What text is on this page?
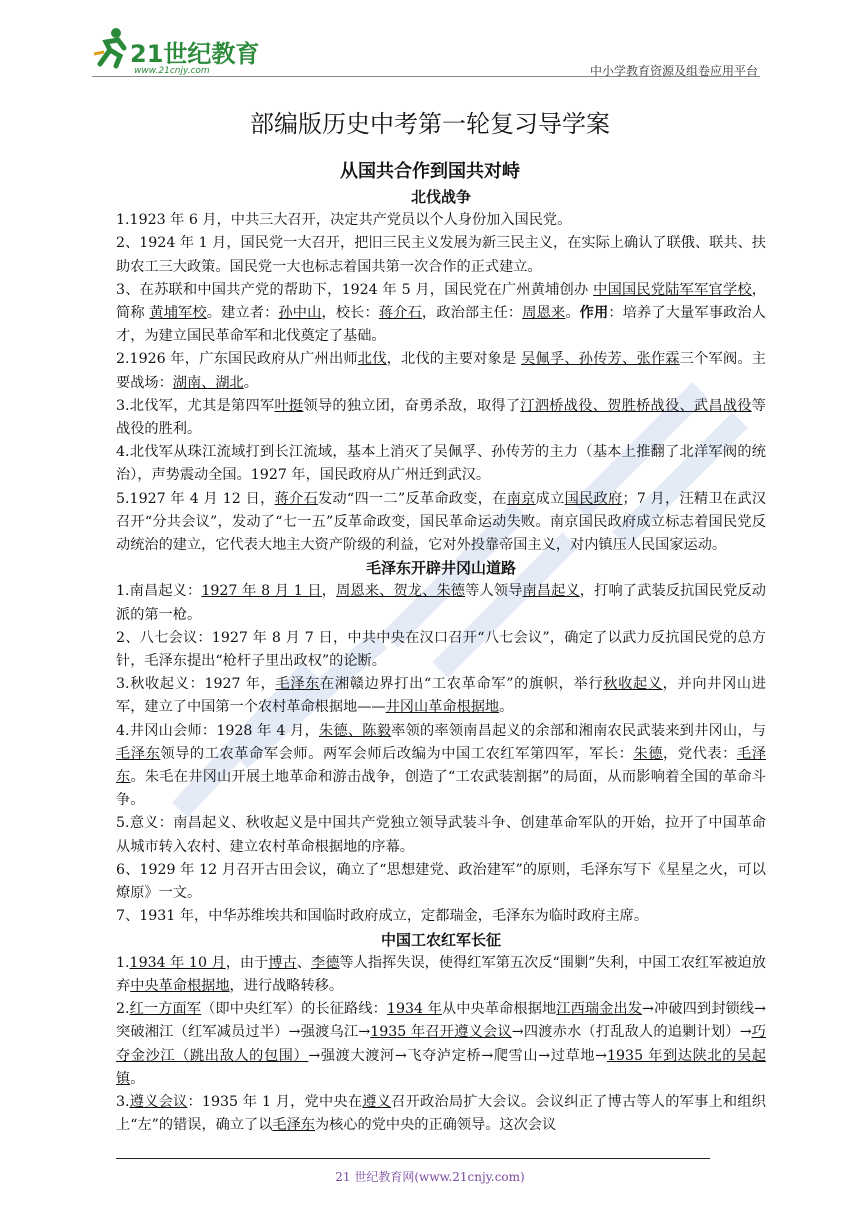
21世纪教育
www.21cnjy.com	中小学教育资源及组卷应用平台
部编版历史中考第一轮复习导学案
从国共合作到国共对峙
北伐战争

1.1923 年 6 月，中共三大召开，决定共产党员以个人身份加入国民党。

2、1924 年 1 月，国民党一大召开，把旧三民主义发展为新三民主义，在实际上确认了联俄、联共、扶助农工三大政策。国民党一大也标志着国共第一次合作的正式建立。

3、在苏联和中国共产党的帮助下，1924 年 5 月，国民党在广州黄埔创办 中国国民党陆军军官学校，简称 黄埔军校。建立者：孙中山，校长：蒋介石，政治部主任：周恩来。作用：培养了大量军事政治人才，为建立国民革命军和北伐奠定了基础。

2.1926 年，广东国民政府从广州出师北伐，北伐的主要对象是 吴佩孚、孙传芳、张作霖三个军阀。主要战场：湖南、湖北。

3.北伐军，尤其是第四军叶挺领导的独立团，奋勇杀敌，取得了汀泗桥战役、贺胜桥战役、武昌战役等战役的胜利。

4.北伐军从珠江流域打到长江流域，基本上消灭了吴佩孚、孙传芳的主力（基本上推翻了北洋军阀的统治），声势震动全国。1927 年，国民政府从广州迁到武汉。

5.1927 年 4 月 12 日，蒋介石发动“四一二”反革命政变，在南京成立国民政府；7 月，汪精卫在武汉召开“分共会议”，发动了“七一五”反革命政变，国民革命运动失败。南京国民政府成立标志着国民党反动统治的建立，它代表大地主大资产阶级的利益，它对外投靠帝国主义，对内镇压人民国家运动。

毛泽东开辟井冈山道路

1.南昌起义：1927 年 8 月 1 日，周恩来、贺龙、朱德等人领导南昌起义，打响了武装反抗国民党反动派的第一枪。

2、八七会议：1927 年 8 月 7 日，中共中央在汉口召开“八七会议”，确定了以武力反抗国民党的总方针，毛泽东提出“枪杆子里出政权”的论断。

3.秋收起义：1927 年，毛泽东在湘赣边界打出“工农革命军”的旗帜，举行秋收起义，并向井冈山进军，建立了中国第一个农村革命根据地——井冈山革命根据地。

4.井冈山会师：1928 年 4 月，朱德、陈毅率领的率领南昌起义的余部和湘南农民武装来到井冈山，与毛泽东领导的工农革命军会师。两军会师后改编为中国工农红军第四军，军长：朱德，党代表：毛泽东。朱毛在井冈山开展土地革命和游击战争，创造了“工农武装割据”的局面，从而影响着全国的革命斗争。

5.意义：南昌起义、秋收起义是中国共产党独立领导武装斗争、创建革命军队的开始，拉开了中国革命从城市转入农村、建立农村革命根据地的序幕。

6、1929 年 12 月召开古田会议，确立了“思想建党、政治建军”的原则，毛泽东写下《星星之火，可以燎原》一文。

7、1931 年，中华苏维埃共和国临时政府成立，定都瑞金，毛泽东为临时政府主席。

中国工农红军长征

1.1934 年 10 月，由于博古、李德等人指挥失误，使得红军第五次反“围剿”失利，中国工农红军被迫放弃中央革命根据地，进行战略转移。

2.红一方面军（即中央红军）的长征路线：1934 年从中央革命根据地江西瑞金出发→冲破四到封锁线→突破湘江（红军减员过半）→强渡乌江→1935 年召开遵义会议→四渡赤水（打乱敌人的追剿计划）→巧夺金沙江（跳出敌人的包围）→强渡大渡河→飞夺泸定桥→爬雪山→过草地→1935 年到达陕北的吴起镇。

3.遵义会议：1935 年 1 月，党中央在遵义召开政治局扩大会议。会议纠正了博古等人的军事上和组织上“左”的错误，确立了以毛泽东为核心的党中央的正确领导。这次会议

21 世纪教育网(www.21cnjy.com)
